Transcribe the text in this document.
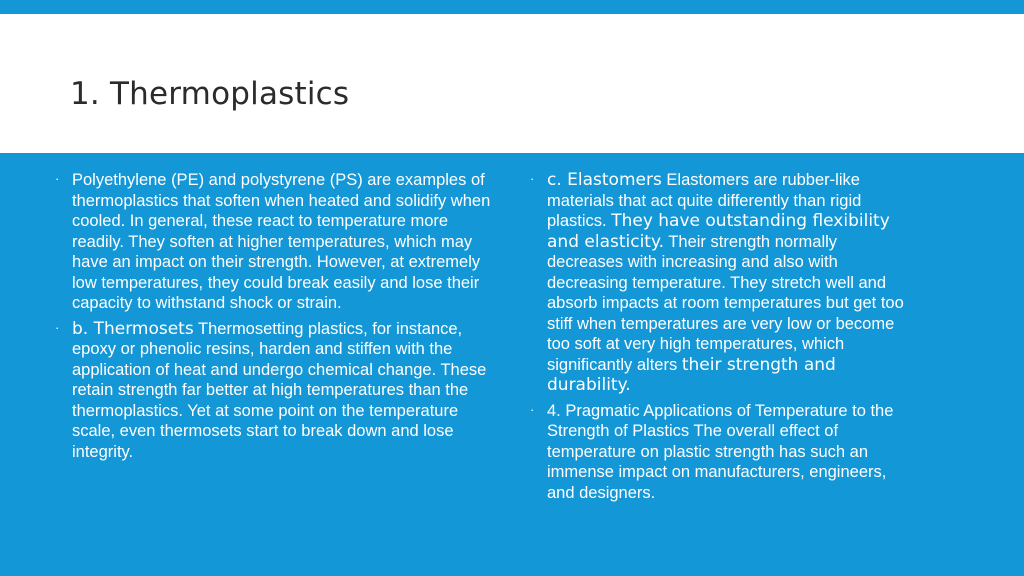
1. Thermoplastics
· Polyethylene (PE) and polystyrene (PS) are examples of thermoplastics that soften when heated and solidify when cooled. In general, these react to temperature more readily. They soften at higher temperatures, which may have an impact on their strength. However, at extremely low temperatures, they could break easily and lose their capacity to withstand shock or strain.
· b. Thermosets Thermosetting plastics, for instance, epoxy or phenolic resins, harden and stiffen with the application of heat and undergo chemical change. These retain strength far better at high temperatures than the thermoplastics. Yet at some point on the temperature scale, even thermosets start to break down and lose integrity.
· c. Elastomers Elastomers are rubber-like materials that act quite differently than rigid plastics. They have outstanding flexibility and elasticity. Their strength normally decreases with increasing and also with decreasing temperature. They stretch well and absorb impacts at room temperatures but get too stiff when temperatures are very low or become too soft at very high temperatures, which significantly alters their strength and durability.
· 4. Pragmatic Applications of Temperature to the Strength of Plastics The overall effect of temperature on plastic strength has such an immense impact on manufacturers, engineers, and designers.
